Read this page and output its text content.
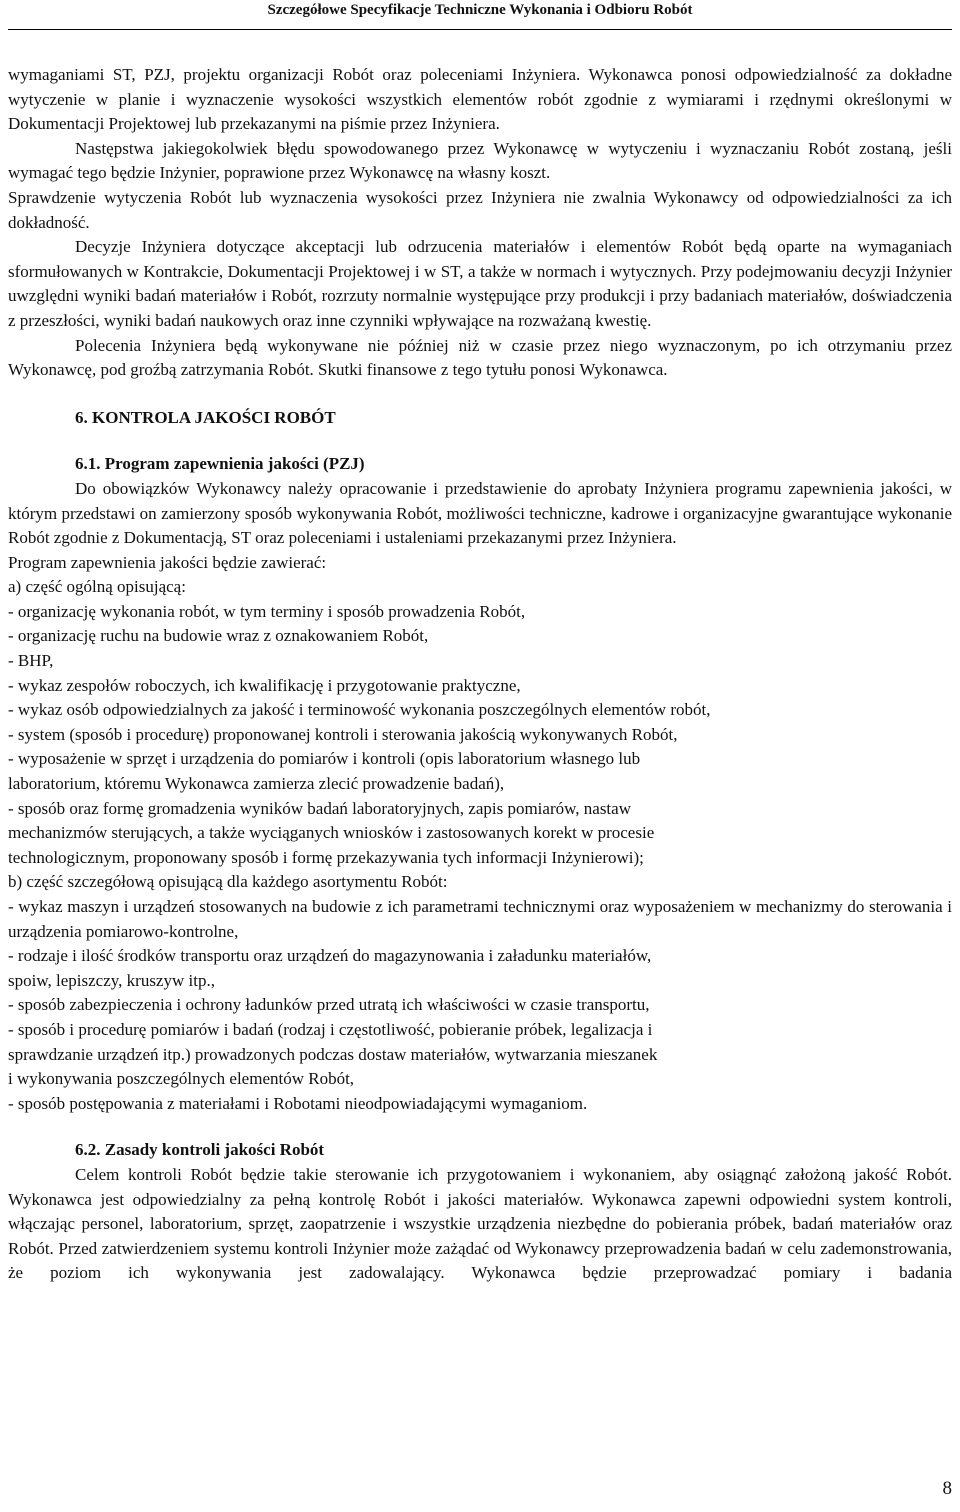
Szczegółowe Specyfikacje Techniczne Wykonania i Odbioru Robót

wymaganiami ST, PZJ, projektu organizacji Robót oraz poleceniami Inżyniera. Wykonawca ponosi odpowiedzialność za dokładne wytyczenie w planie i wyznaczenie wysokości wszystkich elementów robót zgodnie z wymiarami i rzędnymi określonymi w Dokumentacji Projektowej lub przekazanymi na piśmie przez Inżyniera.

Następstwa jakiegokolwiek błędu spowodowanego przez Wykonawcę w wytyczeniu i wyznaczaniu Robót zostaną, jeśli wymagać tego będzie Inżynier, poprawione przez Wykonawcę na własny koszt.

Sprawdzenie wytyczenia Robót lub wyznaczenia wysokości przez Inżyniera nie zwalnia Wykonawcy od odpowiedzialności za ich dokładność.

Decyzje Inżyniera dotyczące akceptacji lub odrzucenia materiałów i elementów Robót będą oparte na wymaganiach sformułowanych w Kontrakcie, Dokumentacji Projektowej i w ST, a także w normach i wytycznych. Przy podejmowaniu decyzji Inżynier uwzględni wyniki badań materiałów i Robót, rozrzuty normalnie występujące przy produkcji i przy badaniach materiałów, doświadczenia z przeszłości, wyniki badań naukowych oraz inne czynniki wpływające na rozważaną kwestię.

Polecenia Inżyniera będą wykonywane nie później niż w czasie przez niego wyznaczonym, po ich otrzymaniu przez Wykonawcę, pod groźbą zatrzymania Robót. Skutki finansowe z tego tytułu ponosi Wykonawca.

6. KONTROLA JAKOŚCI ROBÓT

6.1. Program zapewnienia jakości (PZJ)

Do obowiązków Wykonawcy należy opracowanie i przedstawienie do aprobaty Inżyniera programu zapewnienia jakości, w którym przedstawi on zamierzony sposób wykonywania Robót, możliwości techniczne, kadrowe i organizacyjne gwarantujące wykonanie Robót zgodnie z Dokumentacją, ST oraz poleceniami i ustaleniami przekazanymi przez Inżyniera.

Program zapewnienia jakości będzie zawierać:

a) część ogólną opisującą:

- organizację wykonania robót, w tym terminy i sposób prowadzenia Robót,

- organizację ruchu na budowie wraz z oznakowaniem Robót,

- BHP,

- wykaz zespołów roboczych, ich kwalifikację i przygotowanie praktyczne,

- wykaz osób odpowiedzialnych za jakość i terminowość wykonania poszczególnych elementów robót,

- system (sposób i procedurę) proponowanej kontroli i sterowania jakością wykonywanych Robót,

- wyposażenie w sprzęt i urządzenia do pomiarów i kontroli (opis laboratorium własnego lub

laboratorium, któremu Wykonawca zamierza zlecić prowadzenie badań),

- sposób oraz formę gromadzenia wyników badań laboratoryjnych, zapis pomiarów, nastaw

mechanizmów sterujących, a także wyciąganych wniosków i zastosowanych korekt w procesie

technologicznym, proponowany sposób i formę przekazywania tych informacji Inżynierowi);

b) część szczegółową opisującą dla każdego asortymentu Robót:

- wykaz maszyn i urządzeń stosowanych na budowie z ich parametrami technicznymi oraz wyposażeniem w mechanizmy do sterowania i urządzenia pomiarowo-kontrolne,

- rodzaje i ilość środków transportu oraz urządzeń do magazynowania i załadunku materiałów,

spoiw, lepiszczy, kruszyw itp.,

- sposób zabezpieczenia i ochrony ładunków przed utratą ich właściwości w czasie transportu,

- sposób i procedurę pomiarów i badań (rodzaj i częstotliwość, pobieranie próbek, legalizacja i

sprawdzanie urządzeń itp.) prowadzonych podczas dostaw materiałów, wytwarzania mieszanek

i wykonywania poszczególnych elementów Robót,

- sposób postępowania z materiałami i Robotami nieodpowiadającymi wymaganiom.

6.2. Zasady kontroli jakości Robót

Celem kontroli Robót będzie takie sterowanie ich przygotowaniem i wykonaniem, aby osiągnąć założoną jakość Robót. Wykonawca jest odpowiedzialny za pełną kontrolę Robót i jakości materiałów. Wykonawca zapewni odpowiedni system kontroli, włączając personel, laboratorium, sprzęt, zaopatrzenie i wszystkie urządzenia niezbędne do pobierania próbek, badań materiałów oraz Robót. Przed zatwierdzeniem systemu kontroli Inżynier może zażądać od Wykonawcy przeprowadzenia badań w celu zademonstrowania, że poziom ich wykonywania jest zadowalający. Wykonawca będzie przeprowadzać pomiary i badania

8
